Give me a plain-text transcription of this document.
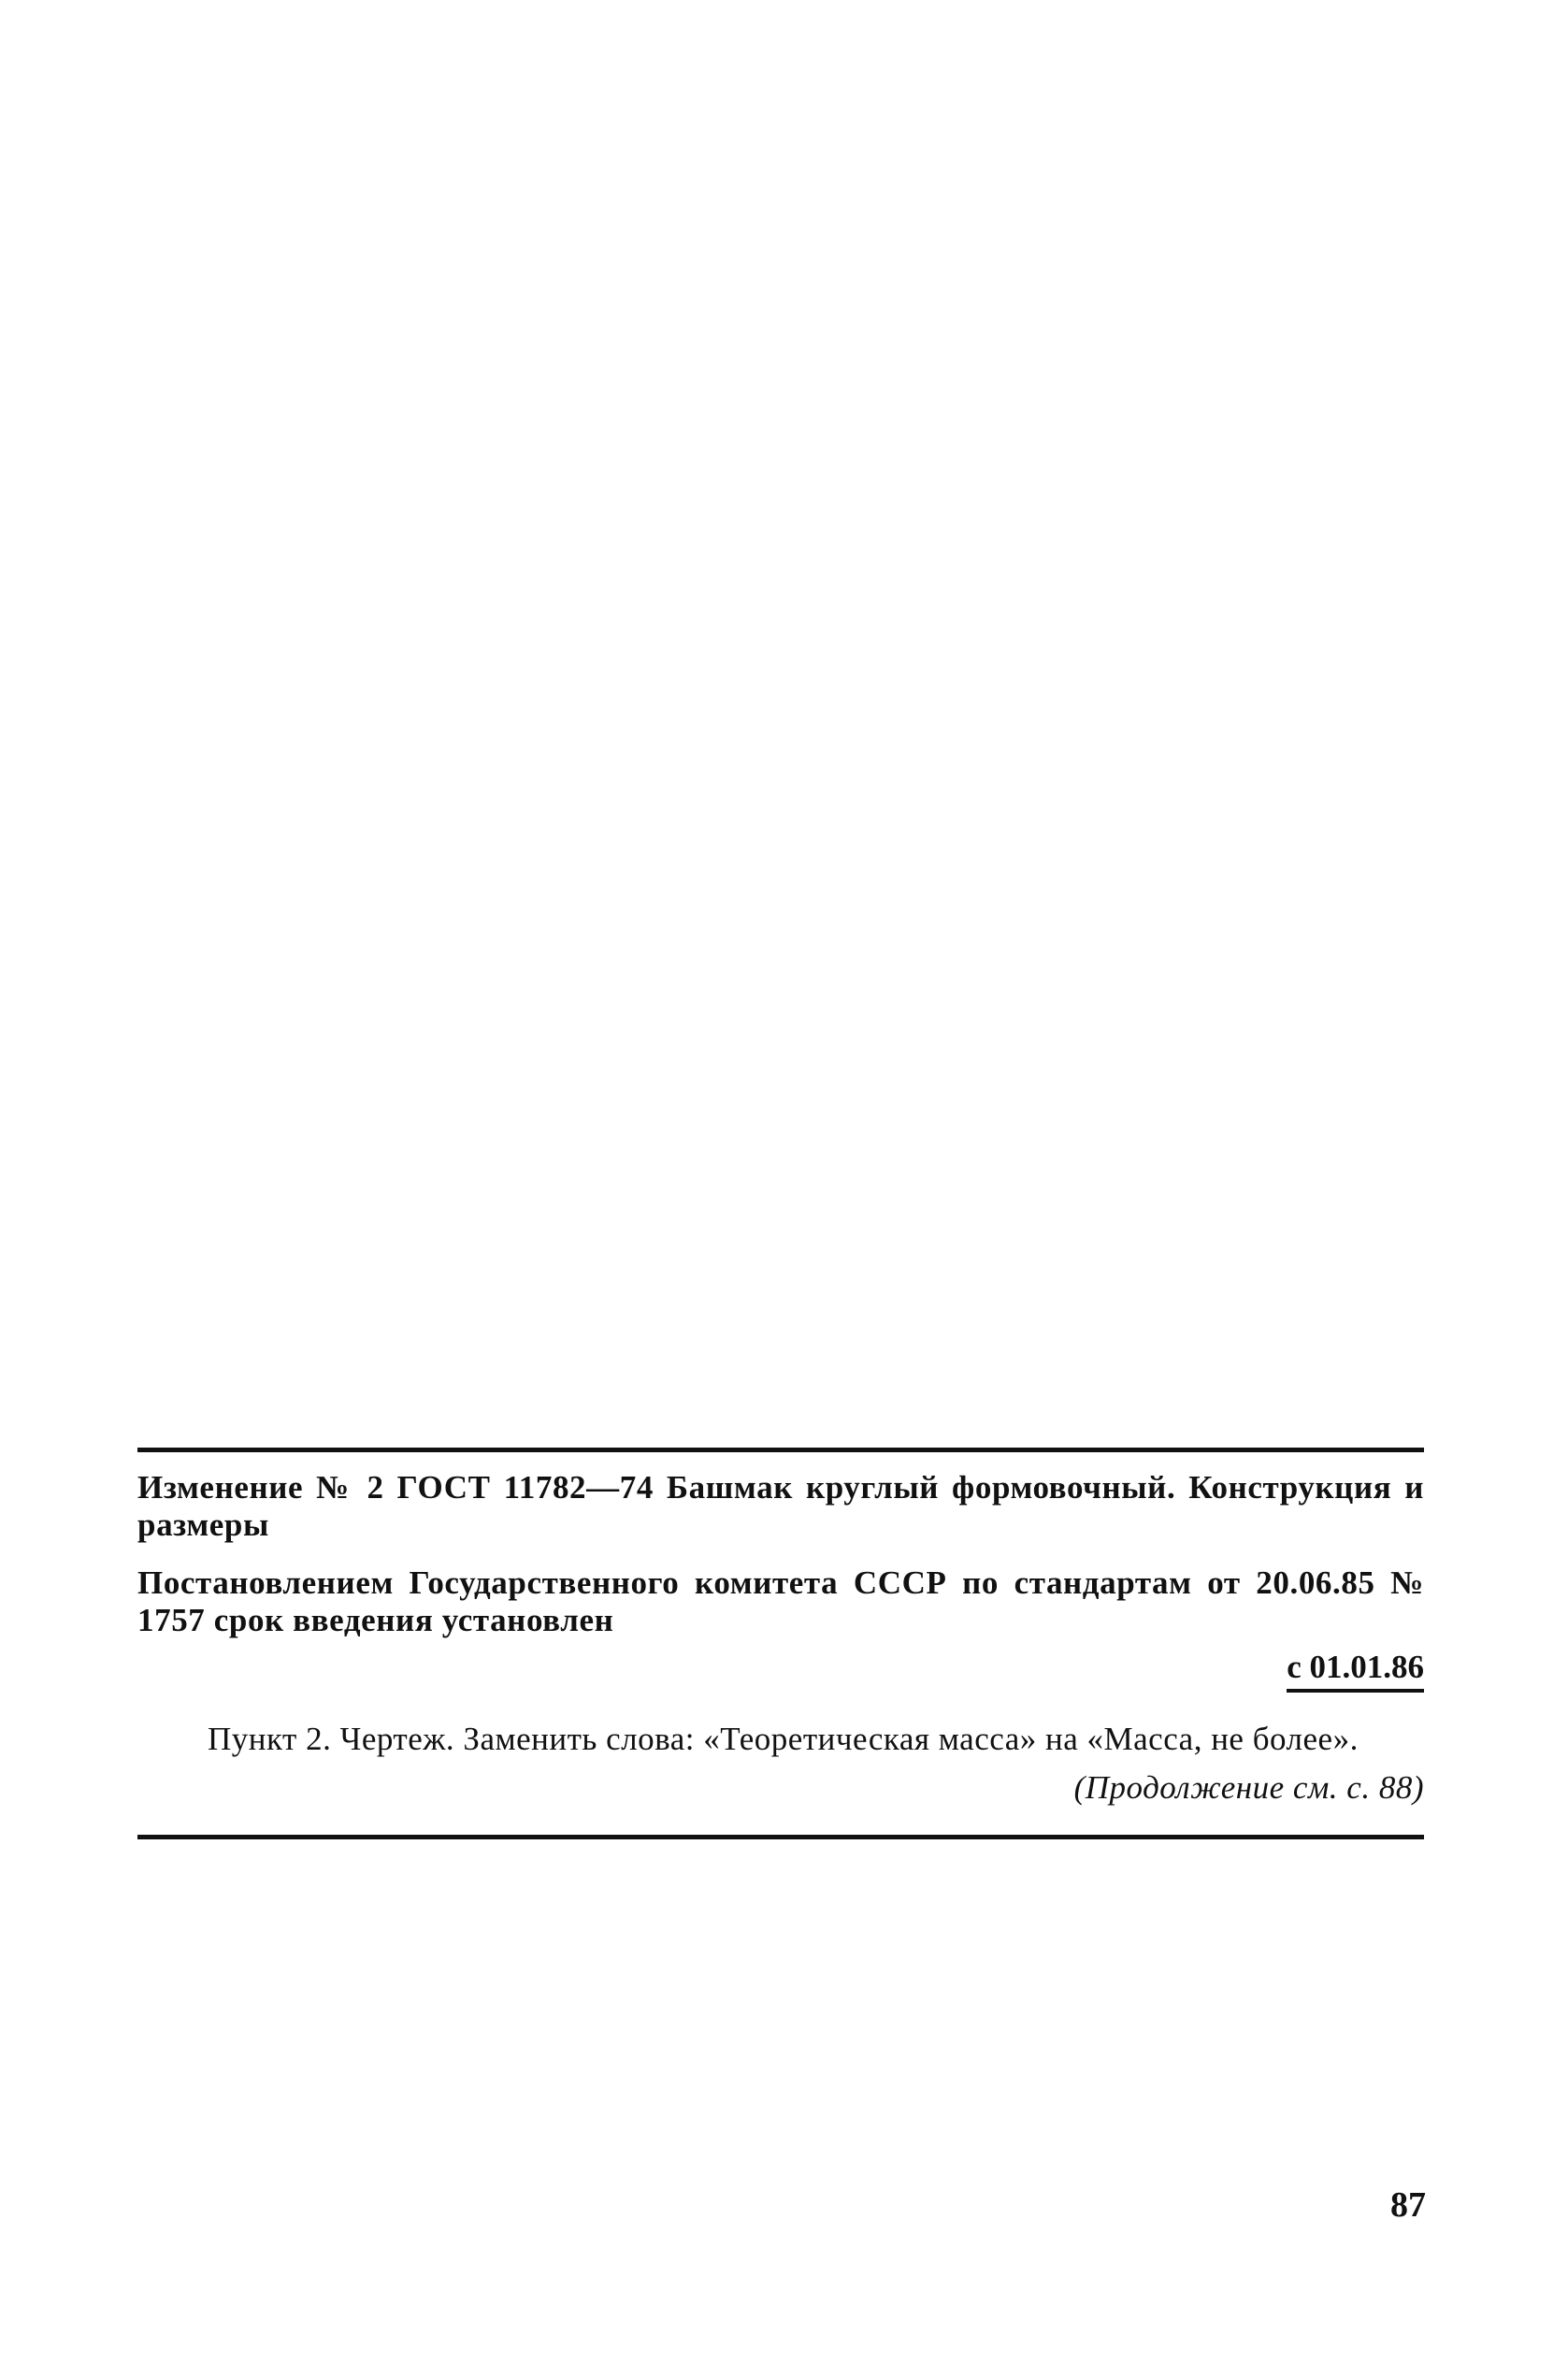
Изменение № 2 ГОСТ 11782—74 Башмак круглый формовочный. Конструкция и размеры
Постановлением Государственного комитета СССР по стандартам от 20.06.85 № 1757 срок введения установлен
с 01.01.86
Пункт 2. Чертеж. Заменить слова: «Теоретическая масса» на «Масса, не более».
(Продолжение см. с. 88)
87
